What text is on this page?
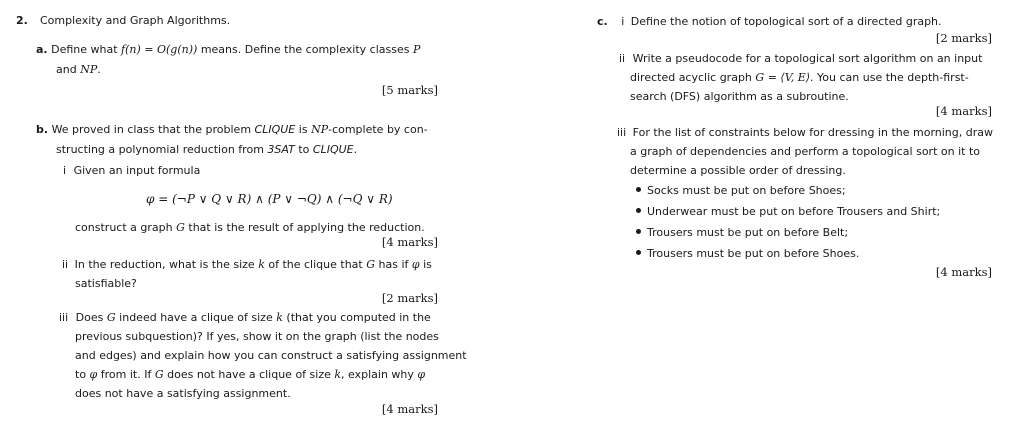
2. Complexity and Graph Algorithms.
a. Define what f(n) = O(g(n)) means. Define the complexity classes P
and NP.
[5 marks]
b. We proved in class that the problem CLIQUE is NP-complete by con-
structing a polynomial reduction from 3SAT to CLIQUE.
i Given an input formula
φ = (¬P ∨ Q ∨ R) ∧ (P ∨ ¬Q) ∧ (¬Q ∨ R)
construct a graph G that is the result of applying the reduction.
[4 marks]
ii In the reduction, what is the size k of the clique that G has if φ is
satisfiable?
[2 marks]
iii Does G indeed have a clique of size k (that you computed in the
previous subquestion)? If yes, show it on the graph (list the nodes
and edges) and explain how you can construct a satisfying assignment
to φ from it. If G does not have a clique of size k, explain why φ
does not have a satisfying assignment.
[4 marks]
c. i Define the notion of topological sort of a directed graph.
[2 marks]
ii Write a pseudocode for a topological sort algorithm on an input
directed acyclic graph G = ⟨V, E⟩. You can use the depth-first-
search (DFS) algorithm as a subroutine.
[4 marks]
iii For the list of constraints below for dressing in the morning, draw
a graph of dependencies and perform a topological sort on it to
determine a possible order of dressing.
Socks must be put on before Shoes;
Underwear must be put on before Trousers and Shirt;
Trousers must be put on before Belt;
Trousers must be put on before Shoes.
[4 marks]
